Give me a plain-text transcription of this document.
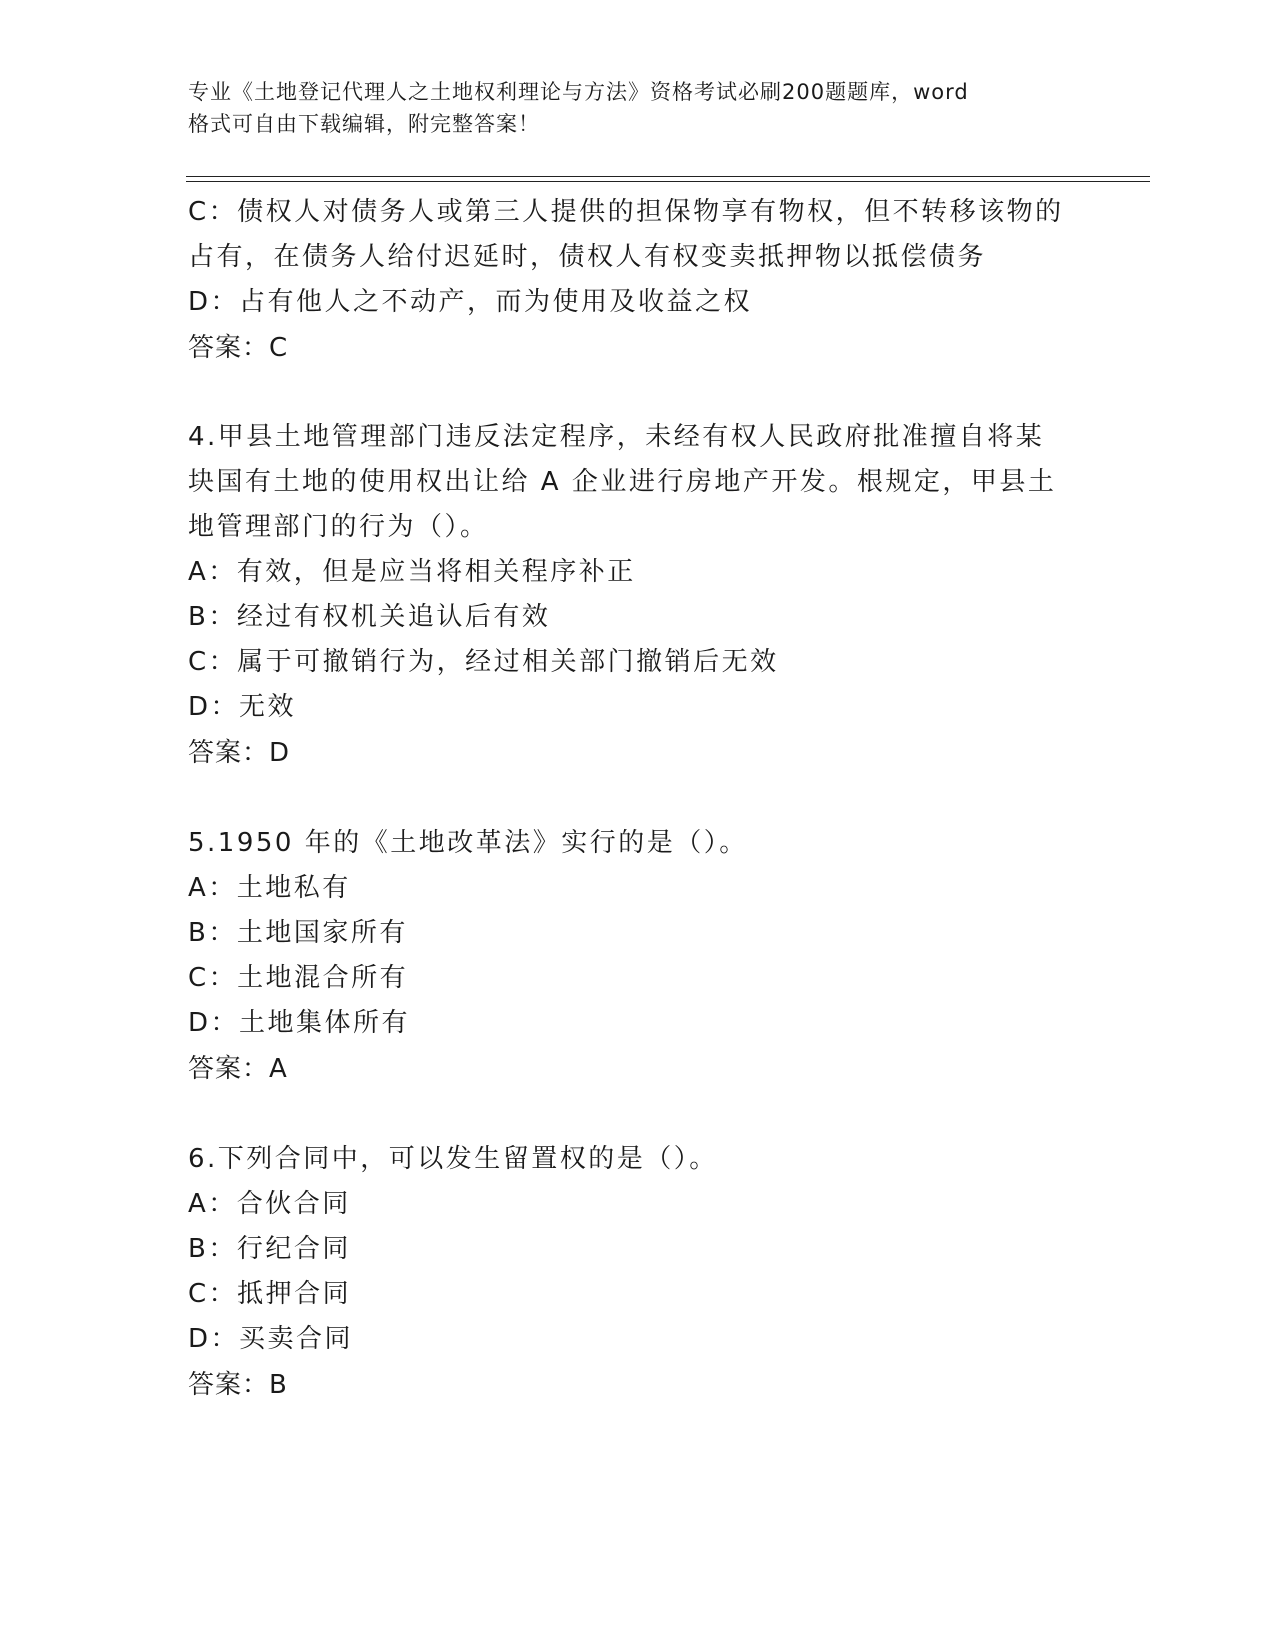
专业《土地登记代理人之土地权利理论与方法》资格考试必刷200题题库，word
格式可自由下载编辑，附完整答案！
C：债权人对债务人或第三人提供的担保物享有物权，但不转移该物的
占有，在债务人给付迟延时，债权人有权变卖抵押物以抵偿债务
D：占有他人之不动产，而为使用及收益之权
答案：C
4.甲县土地管理部门违反法定程序，未经有权人民政府批准擅自将某
块国有土地的使用权出让给 A 企业进行房地产开发。根规定，甲县土
地管理部门的行为（）。
A：有效，但是应当将相关程序补正
B：经过有权机关追认后有效
C：属于可撤销行为，经过相关部门撤销后无效
D：无效
答案：D
5.1950 年的《土地改革法》实行的是（）。
A：土地私有
B：土地国家所有
C：土地混合所有
D：土地集体所有
答案：A
6.下列合同中，可以发生留置权的是（）。
A：合伙合同
B：行纪合同
C：抵押合同
D：买卖合同
答案：B
